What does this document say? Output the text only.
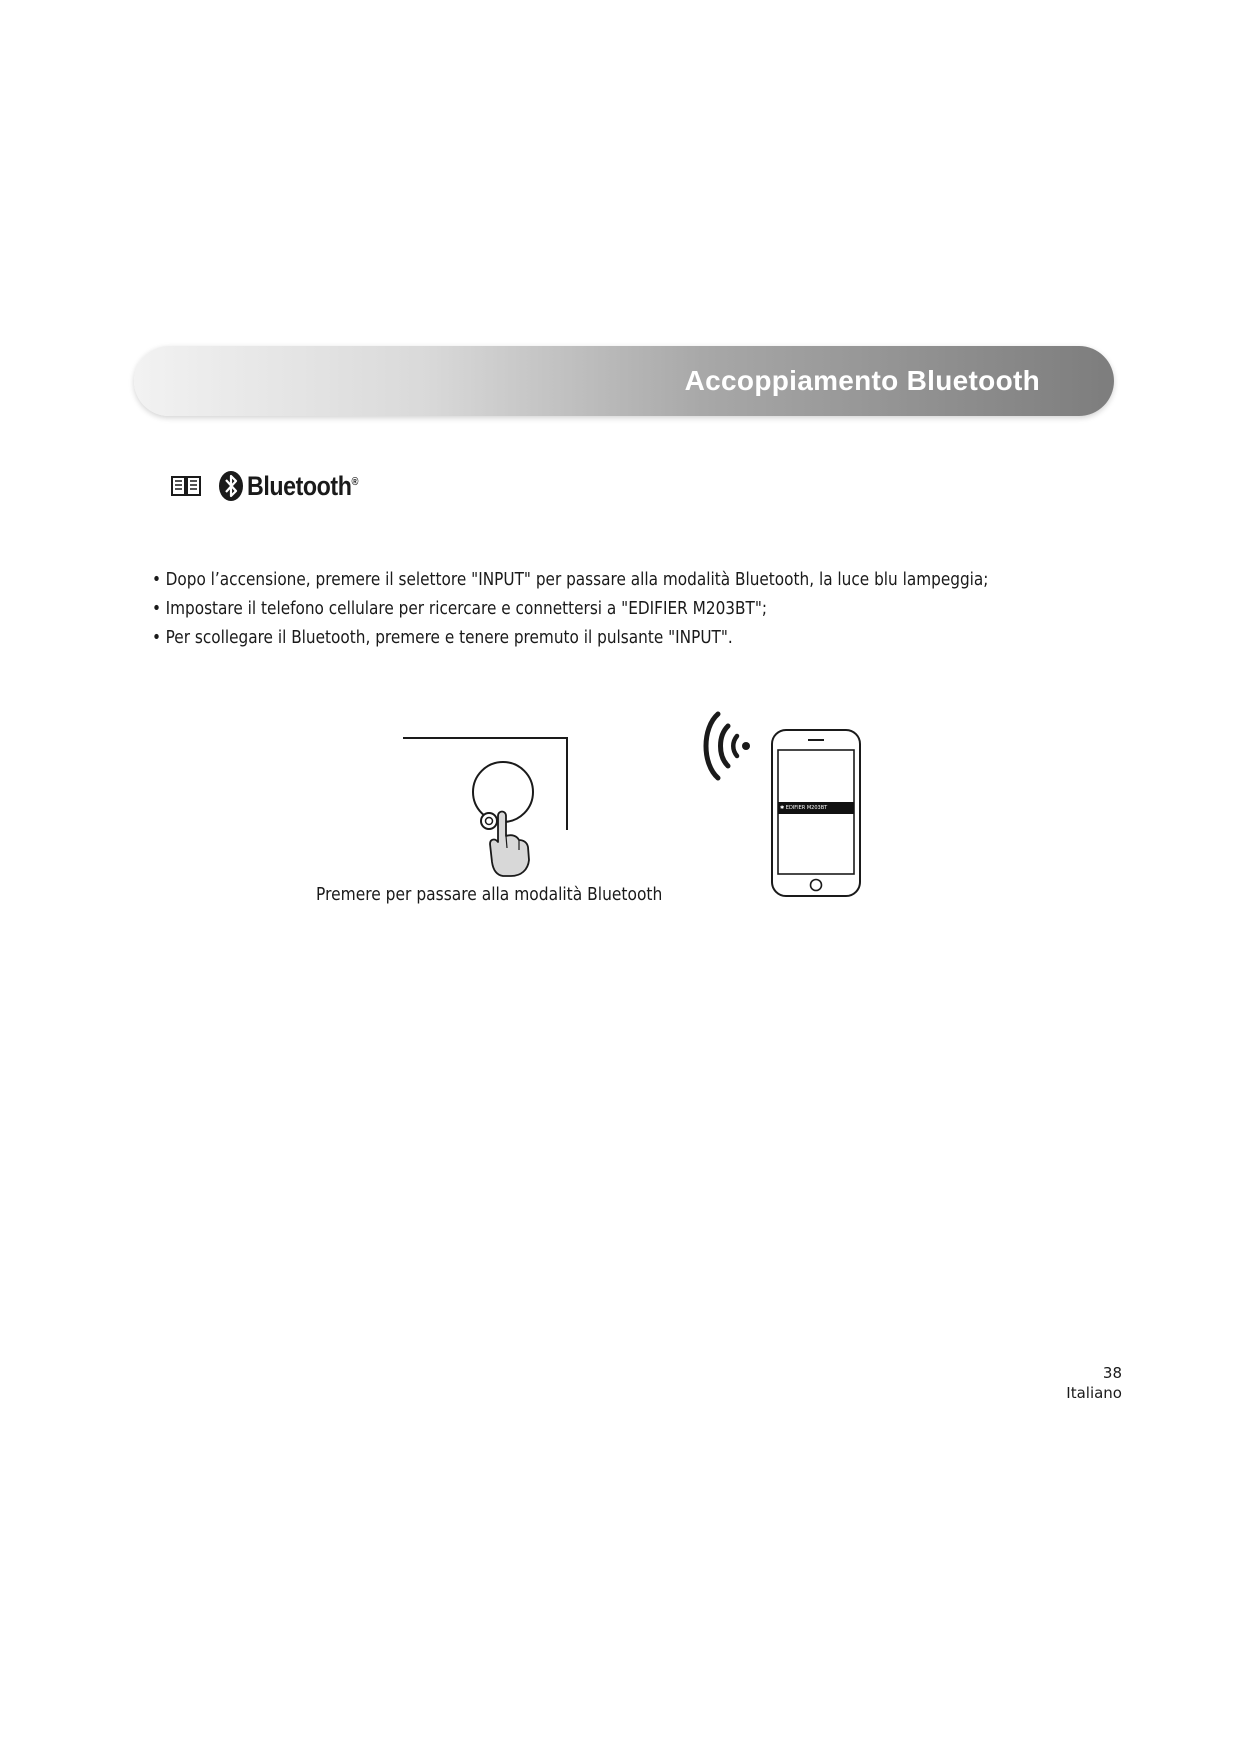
Accoppiamento Bluetooth
Bluetooth®
• Dopo l’accensione, premere il selettore "INPUT" per passare alla modalità Bluetooth, la luce blu lampeggia;
• Impostare il telefono cellulare per ricercare e connettersi a "EDIFIER M203BT";
• Per scollegare il Bluetooth, premere e tenere premuto il pulsante "INPUT".
Premere per passare alla modalità Bluetooth
✱ EDIFIER M203BT
38
Italiano
